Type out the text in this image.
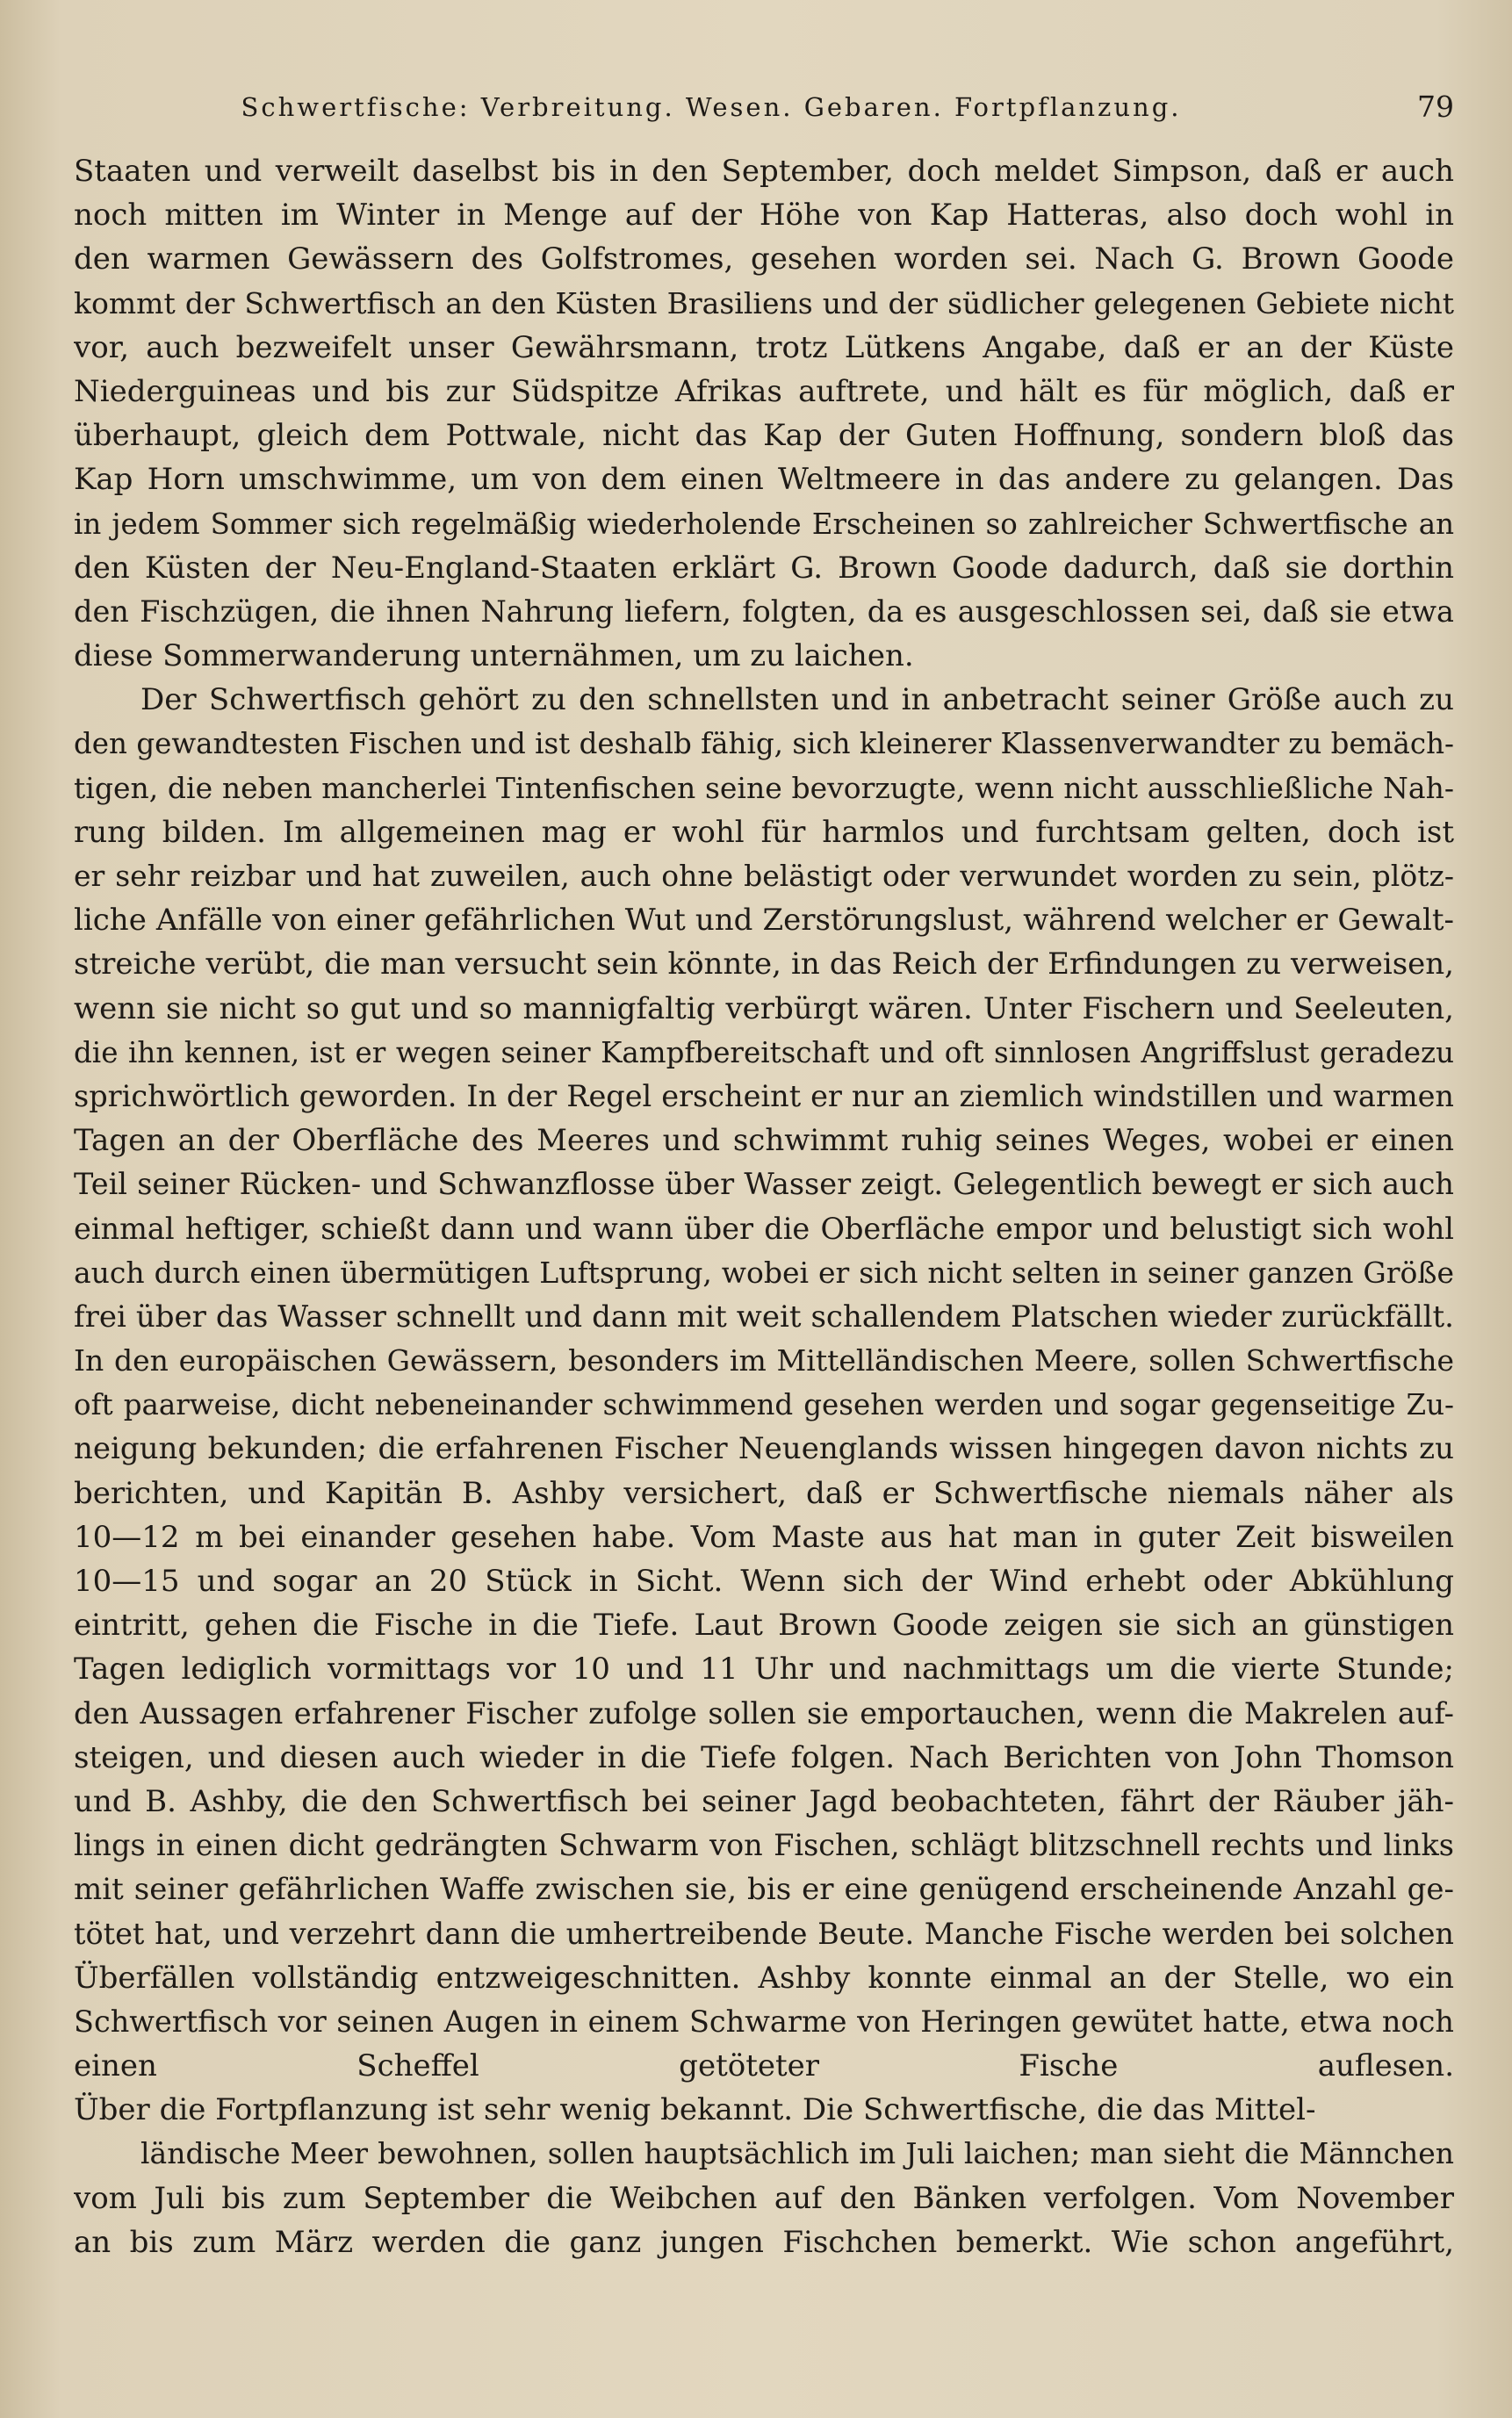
Schwertfische: Verbreitung. Wesen. Gebaren. Fortpflanzung.	79
Staaten und verweilt daselbst bis in den September, doch meldet Simpson, daß er auch
noch mitten im Winter in Menge auf der Höhe von Kap Hatteras, also doch wohl in
den warmen Gewässern des Golfstromes, gesehen worden sei. Nach G. Brown Goode
kommt der Schwertfisch an den Küsten Brasiliens und der südlicher gelegenen Gebiete nicht
vor, auch bezweifelt unser Gewährsmann, trotz Lütkens Angabe, daß er an der Küste
Niederguineas und bis zur Südspitze Afrikas auftrete, und hält es für möglich, daß er
überhaupt, gleich dem Pottwale, nicht das Kap der Guten Hoffnung, sondern bloß das
Kap Horn umschwimme, um von dem einen Weltmeere in das andere zu gelangen. Das
in jedem Sommer sich regelmäßig wiederholende Erscheinen so zahlreicher Schwertfische an
den Küsten der Neu-England-Staaten erklärt G. Brown Goode dadurch, daß sie dorthin
den Fischzügen, die ihnen Nahrung liefern, folgten, da es ausgeschlossen sei, daß sie etwa
diese Sommerwanderung unternähmen, um zu laichen.
Der Schwertfisch gehört zu den schnellsten und in anbetracht seiner Größe auch zu
den gewandtesten Fischen und ist deshalb fähig, sich kleinerer Klassenverwandter zu bemäch-
tigen, die neben mancherlei Tintenfischen seine bevorzugte, wenn nicht ausschließliche Nah-
rung bilden. Im allgemeinen mag er wohl für harmlos und furchtsam gelten, doch ist
er sehr reizbar und hat zuweilen, auch ohne belästigt oder verwundet worden zu sein, plötz-
liche Anfälle von einer gefährlichen Wut und Zerstörungslust, während welcher er Gewalt-
streiche verübt, die man versucht sein könnte, in das Reich der Erfindungen zu verweisen,
wenn sie nicht so gut und so mannigfaltig verbürgt wären. Unter Fischern und Seeleuten,
die ihn kennen, ist er wegen seiner Kampfbereitschaft und oft sinnlosen Angriffslust geradezu
sprichwörtlich geworden. In der Regel erscheint er nur an ziemlich windstillen und warmen
Tagen an der Oberfläche des Meeres und schwimmt ruhig seines Weges, wobei er einen
Teil seiner Rücken- und Schwanzflosse über Wasser zeigt. Gelegentlich bewegt er sich auch
einmal heftiger, schießt dann und wann über die Oberfläche empor und belustigt sich wohl
auch durch einen übermütigen Luftsprung, wobei er sich nicht selten in seiner ganzen Größe
frei über das Wasser schnellt und dann mit weit schallendem Platschen wieder zurückfällt.
In den europäischen Gewässern, besonders im Mittelländischen Meere, sollen Schwertfische
oft paarweise, dicht nebeneinander schwimmend gesehen werden und sogar gegenseitige Zu-
neigung bekunden; die erfahrenen Fischer Neuenglands wissen hingegen davon nichts zu
berichten, und Kapitän B. Ashby versichert, daß er Schwertfische niemals näher als
10—12 m bei einander gesehen habe. Vom Maste aus hat man in guter Zeit bisweilen
10—15 und sogar an 20 Stück in Sicht. Wenn sich der Wind erhebt oder Abkühlung
eintritt, gehen die Fische in die Tiefe. Laut Brown Goode zeigen sie sich an günstigen
Tagen lediglich vormittags vor 10 und 11 Uhr und nachmittags um die vierte Stunde;
den Aussagen erfahrener Fischer zufolge sollen sie emportauchen, wenn die Makrelen auf-
steigen, und diesen auch wieder in die Tiefe folgen. Nach Berichten von John Thomson
und B. Ashby, die den Schwertfisch bei seiner Jagd beobachteten, fährt der Räuber jäh-
lings in einen dicht gedrängten Schwarm von Fischen, schlägt blitzschnell rechts und links
mit seiner gefährlichen Waffe zwischen sie, bis er eine genügend erscheinende Anzahl ge-
tötet hat, und verzehrt dann die umhertreibende Beute. Manche Fische werden bei solchen
Überfällen vollständig entzweigeschnitten. Ashby konnte einmal an der Stelle, wo ein
Schwertfisch vor seinen Augen in einem Schwarme von Heringen gewütet hatte, etwa noch
einen Scheffel getöteter Fische auflesen.
Über die Fortpflanzung ist sehr wenig bekannt. Die Schwertfische, die das Mittel-
ländische Meer bewohnen, sollen hauptsächlich im Juli laichen; man sieht die Männchen
vom Juli bis zum September die Weibchen auf den Bänken verfolgen. Vom November
an bis zum März werden die ganz jungen Fischchen bemerkt. Wie schon angeführt,
